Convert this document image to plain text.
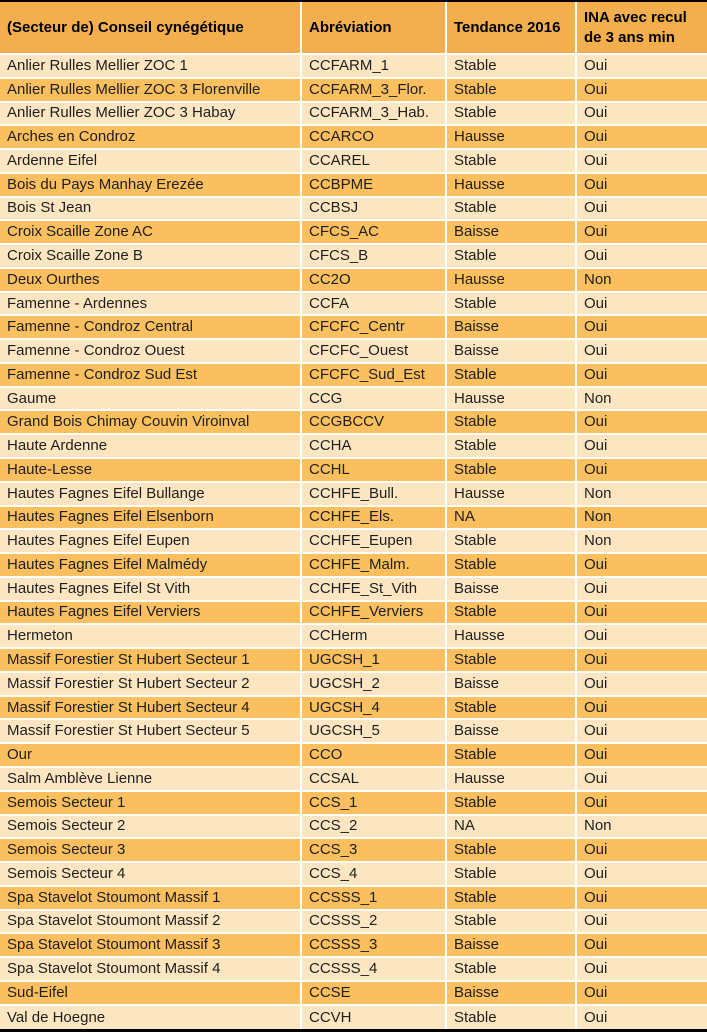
(Secteur de) Conseil cynégétique	Abréviation	Tendance 2016	INA avec recul de 3 ans min
Anlier Rulles Mellier ZOC 1	CCFARM_1	Stable	Oui
Anlier Rulles Mellier ZOC 3 Florenville	CCFARM_3_Flor.	Stable	Oui
Anlier Rulles Mellier ZOC 3 Habay	CCFARM_3_Hab.	Stable	Oui
Arches en Condroz	CCARCO	Hausse	Oui
Ardenne Eifel	CCAREL	Stable	Oui
Bois du Pays Manhay Erezée	CCBPME	Hausse	Oui
Bois St Jean	CCBSJ	Stable	Oui
Croix Scaille Zone AC	CFCS_AC	Baisse	Oui
Croix Scaille Zone B	CFCS_B	Stable	Oui
Deux Ourthes	CC2O	Hausse	Non
Famenne - Ardennes	CCFA	Stable	Oui
Famenne - Condroz Central	CFCFC_Centr	Baisse	Oui
Famenne - Condroz Ouest	CFCFC_Ouest	Baisse	Oui
Famenne - Condroz Sud Est	CFCFC_Sud_Est	Stable	Oui
Gaume	CCG	Hausse	Non
Grand Bois Chimay Couvin Viroinval	CCGBCCV	Stable	Oui
Haute Ardenne	CCHA	Stable	Oui
Haute-Lesse	CCHL	Stable	Oui
Hautes Fagnes Eifel Bullange	CCHFE_Bull.	Hausse	Non
Hautes Fagnes Eifel Elsenborn	CCHFE_Els.	NA	Non
Hautes Fagnes Eifel Eupen	CCHFE_Eupen	Stable	Non
Hautes Fagnes Eifel Malmédy	CCHFE_Malm.	Stable	Oui
Hautes Fagnes Eifel St Vith	CCHFE_St_Vith	Baisse	Oui
Hautes Fagnes Eifel Verviers	CCHFE_Verviers	Stable	Oui
Hermeton	CCHerm	Hausse	Oui
Massif Forestier St Hubert Secteur 1	UGCSH_1	Stable	Oui
Massif Forestier St Hubert Secteur 2	UGCSH_2	Baisse	Oui
Massif Forestier St Hubert Secteur 4	UGCSH_4	Stable	Oui
Massif Forestier St Hubert Secteur 5	UGCSH_5	Baisse	Oui
Our	CCO	Stable	Oui
Salm Amblève Lienne	CCSAL	Hausse	Oui
Semois Secteur 1	CCS_1	Stable	Oui
Semois Secteur 2	CCS_2	NA	Non
Semois Secteur 3	CCS_3	Stable	Oui
Semois Secteur 4	CCS_4	Stable	Oui
Spa Stavelot Stoumont Massif 1	CCSSS_1	Stable	Oui
Spa Stavelot Stoumont Massif 2	CCSSS_2	Stable	Oui
Spa Stavelot Stoumont Massif 3	CCSSS_3	Baisse	Oui
Spa Stavelot Stoumont Massif 4	CCSSS_4	Stable	Oui
Sud-Eifel	CCSE	Baisse	Oui
Val de Hoegne	CCVH	Stable	Oui
